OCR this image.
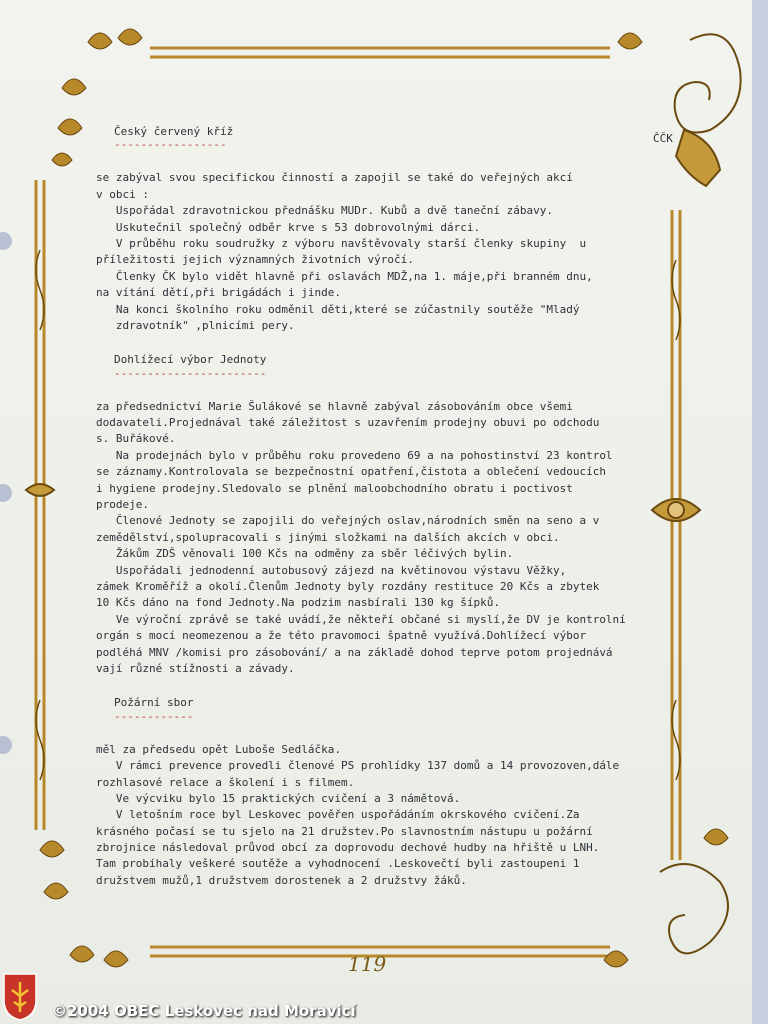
ČČK
Český červený kříž
-----------------
se zabýval svou specifickou činností a zapojil se také do veřejných akcí
v obci :
Uspořádal zdravotnickou přednášku MUDr. Kubů a dvě taneční zábavy.
Uskutečnil společný odběr krve s 53 dobrovolnými dárci.
V průběhu roku soudružky z výboru navštěvovaly starší členky skupiny  u
příležitosti jejich významných životních výročí.
Členky ČK bylo vidět hlavně při oslavách MDŽ,na 1. máje,při branném dnu,
na vítání dětí,při brigádách i jinde.
Na konci školního roku odměnil děti,které se zúčastnily soutěže "Mladý
zdravotník" ,plnicími pery.
Dohlížecí výbor Jednoty
-----------------------
za předsednictví Marie Šulákové se hlavně zabýval zásobováním obce všemi
dodavateli.Projednával také záležitost s uzavřením prodejny obuvi po odchodu
s. Buřákové.
Na prodejnách bylo v průběhu roku provedeno 69 a na pohostinství 23 kontrol
se záznamy.Kontrolovala se bezpečnostní opatření,čistota a oblečení vedoucích
i hygiene prodejny.Sledovalo se plnění maloobchodního obratu i poctivost
prodeje.
Členové Jednoty se zapojili do veřejných oslav,národních směn na seno a v
zemědělství,spolupracovali s jinými složkami na dalších akcích v obci.
Žákům ZDŠ věnovali 100 Kčs na odměny za sběr léčivých bylin.
Uspořádali jednodenní autobusový zájezd na květinovou výstavu Věžky,
zámek Kroměříž a okolí.Členům Jednoty byly rozdány restituce 20 Kčs a zbytek
10 Kčs dáno na fond Jednoty.Na podzim nasbírali 130 kg šípků.
Ve výroční zprávě se také uvádí,že někteří občané si myslí,že DV je kontrolní
orgán s mocí neomezenou a že této pravomoci špatně využívá.Dohlížecí výbor
podléhá MNV /komisi pro zásobování/ a na základě dohod teprve potom projednává
vají různé stížnosti a závady.
Požární sbor
------------
měl za předsedu opět Luboše Sedláčka.
V rámci prevence provedli členové PS prohlídky 137 domů a 14 provozoven,dále
rozhlasové relace a školení i s filmem.
Ve výcviku bylo 15 praktických cvičení a 3 námětová.
V letošním roce byl Leskovec pověřen uspořádáním okrskového cvičení.Za
krásného počasí se tu sjelo na 21 družstev.Po slavnostním nástupu u požární
zbrojnice následoval průvod obcí za doprovodu dechové hudby na hřiště u LNH.
Tam probíhaly veškeré soutěže a vyhodnocení .Leskovečtí byli zastoupeni 1
družstvem mužů,1 družstvem dorostenek a 2 družstvy žáků.
119
©2004 OBEC Leskovec nad Moravicí
